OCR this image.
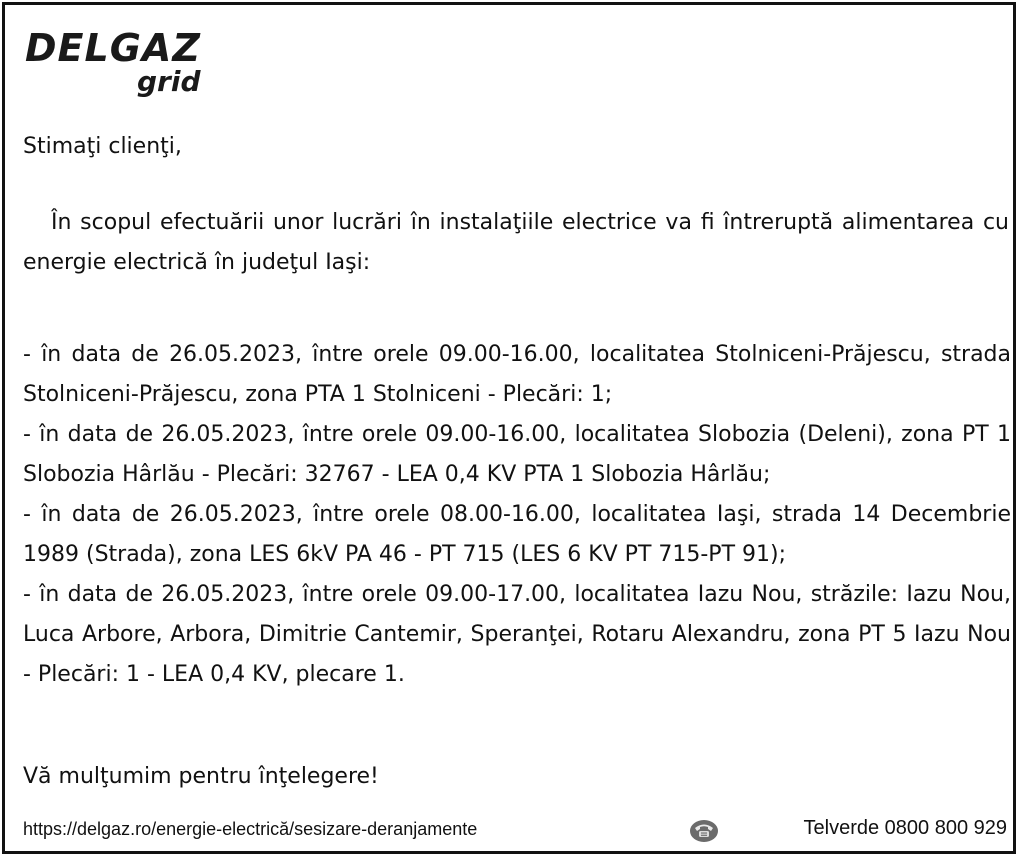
DELGAZ
grid
Stimaţi clienţi,
În scopul efectuării unor lucrări în instalaţiile electrice va fi întreruptă alimentarea cu energie electrică în judeţul Iaşi:
- în data de 26.05.2023, între orele 09.00-16.00, localitatea Stolniceni-Prăjescu, strada Stolniceni-Prăjescu, zona PTA 1 Stolniceni - Plecări: 1;
- în data de 26.05.2023, între orele 09.00-16.00, localitatea Slobozia (Deleni), zona PT 1 Slobozia Hârlău - Plecări: 32767 - LEA 0,4 KV PTA 1 Slobozia Hârlău;
- în data de 26.05.2023, între orele 08.00-16.00, localitatea Iaşi, strada 14 Decembrie 1989 (Strada), zona LES 6kV PA 46 - PT 715 (LES 6 KV PT 715-PT 91);
- în data de 26.05.2023, între orele 09.00-17.00, localitatea Iazu Nou, străzile: Iazu Nou, Luca Arbore, Arbora, Dimitrie Cantemir, Speranţei, Rotaru Alexandru, zona PT 5 Iazu Nou - Plecări: 1 - LEA 0,4 KV, plecare 1.
Vă mulţumim pentru înţelegere!
https://delgaz.ro/energie-electrică/sesizare-deranjamente	Telverde 0800 800 929
